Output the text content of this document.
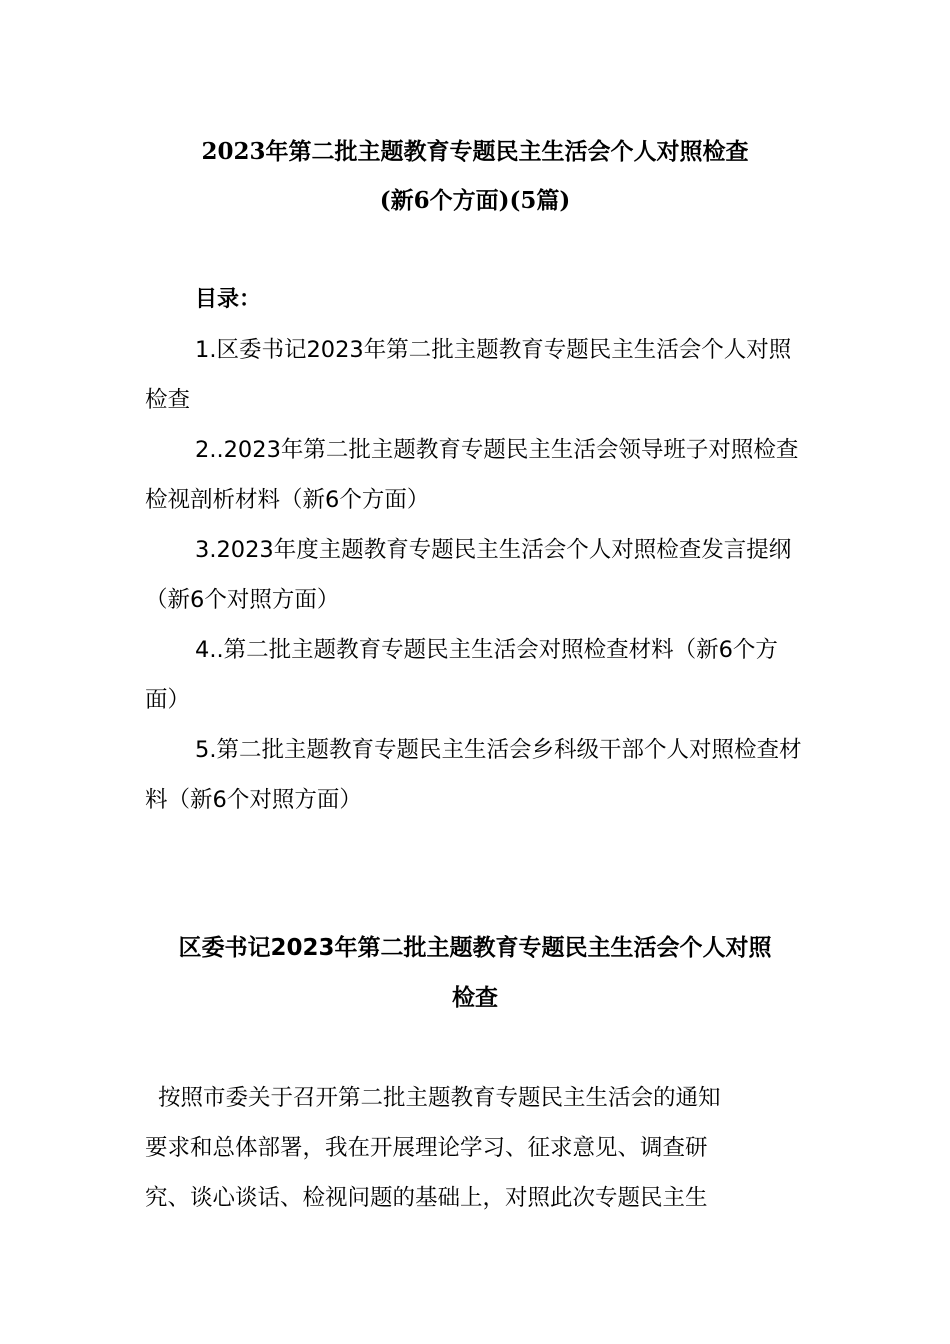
2023年第二批主题教育专题民主生活会个人对照检查
(新6个方面)(5篇)
目录：
1.区委书记2023年第二批主题教育专题民主生活会个人对照检查
2..2023年第二批主题教育专题民主生活会领导班子对照检查检视剖析材料（新6个方面）
3.2023年度主题教育专题民主生活会个人对照检查发言提纲（新6个对照方面）
4..第二批主题教育专题民主生活会对照检查材料（新6个方面）
5.第二批主题教育专题民主生活会乡科级干部个人对照检查材料（新6个对照方面）
区委书记2023年第二批主题教育专题民主生活会个人对照
检查
按照市委关于召开第二批主题教育专题民主生活会的通知
要求和总体部署，我在开展理论学习、征求意见、调查研
究、谈心谈话、检视问题的基础上，对照此次专题民主生
